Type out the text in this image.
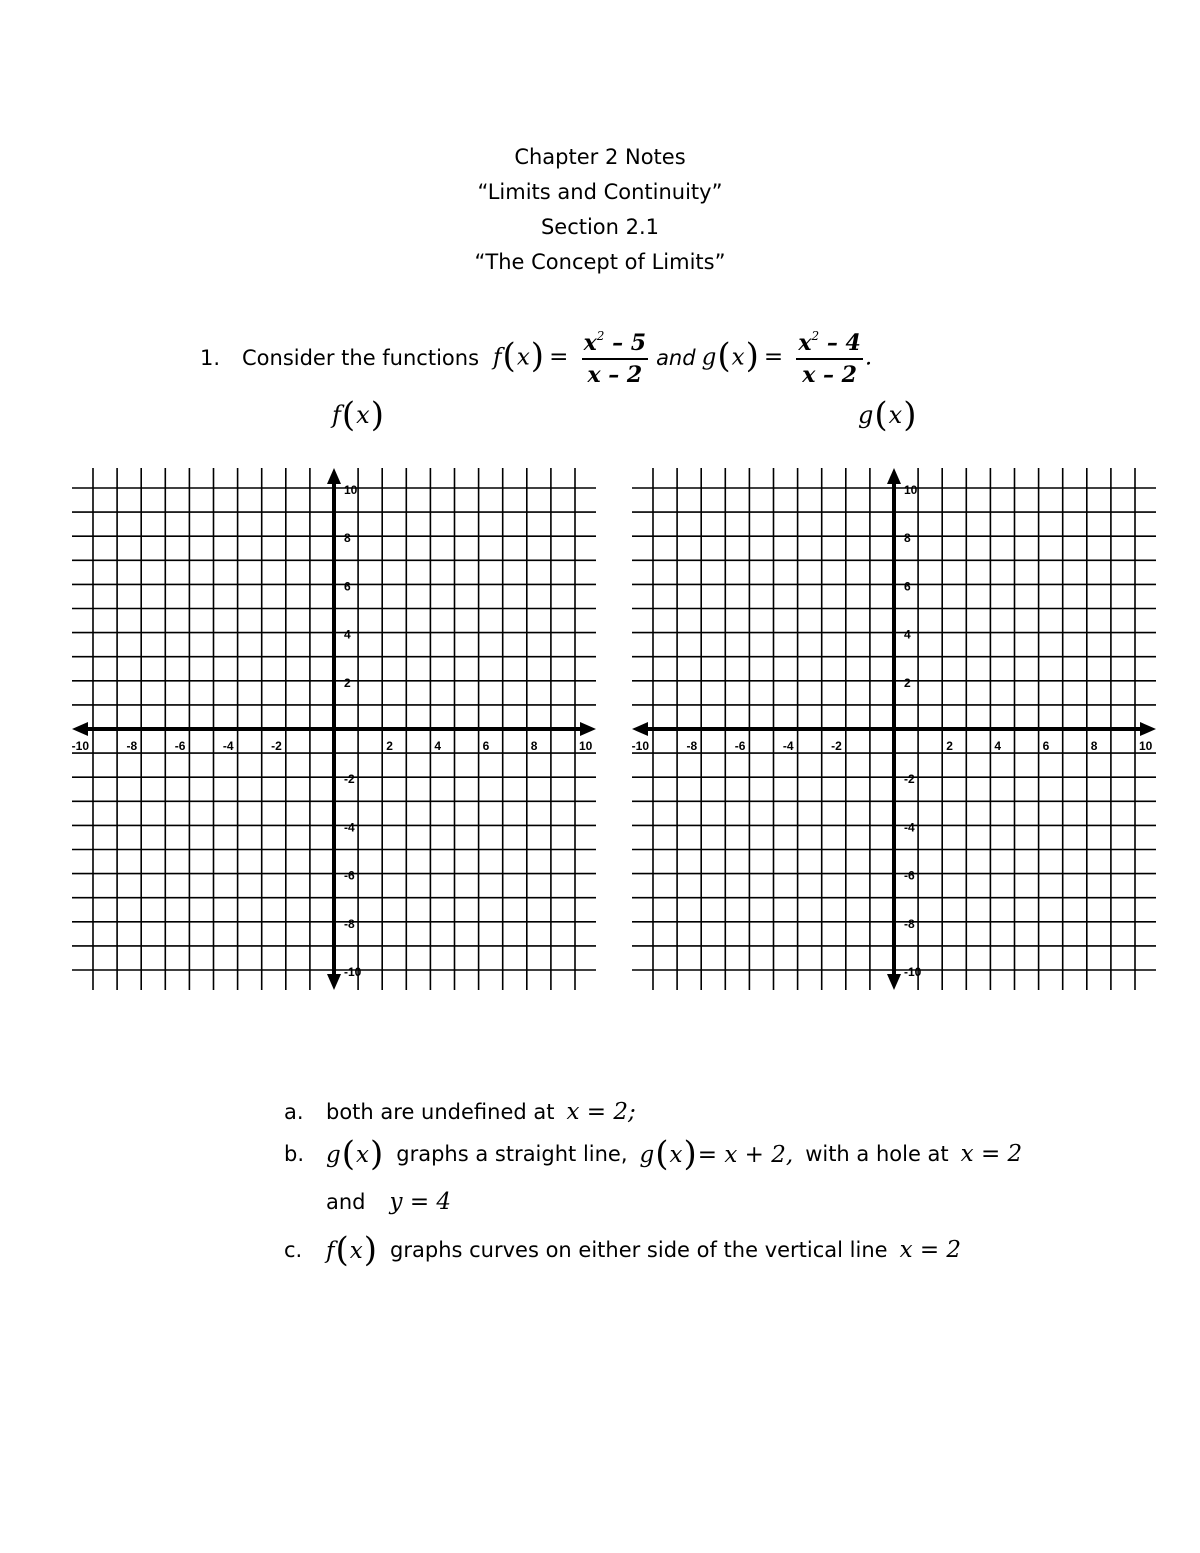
Chapter 2 Notes
“Limits and Continuity”
Section 2.1
“The Concept of Limits”
1.	Consider the functions $f(x) = \frac{x^2 - 5}{x - 2}$ and $g(x) = \frac{x^2 - 4}{x - 2}$ .
f(x)	g(x)
-10	-8	-6	-4	-2	2	4	6	8	10
10
8
6
4
2
-2
-4
-6
-8
-10
-10	-8	-6	-4	-2	2	4	6	8	10
10
8
6
4
2
-2
-4
-6
-8
-10
a.	both are undefined at x = 2;
b. g(x) graphs a straight line, g(x)= x + 2, with a hole at x = 2
and y = 4
c.	f(x) graphs curves on either side of the vertical line x = 2
